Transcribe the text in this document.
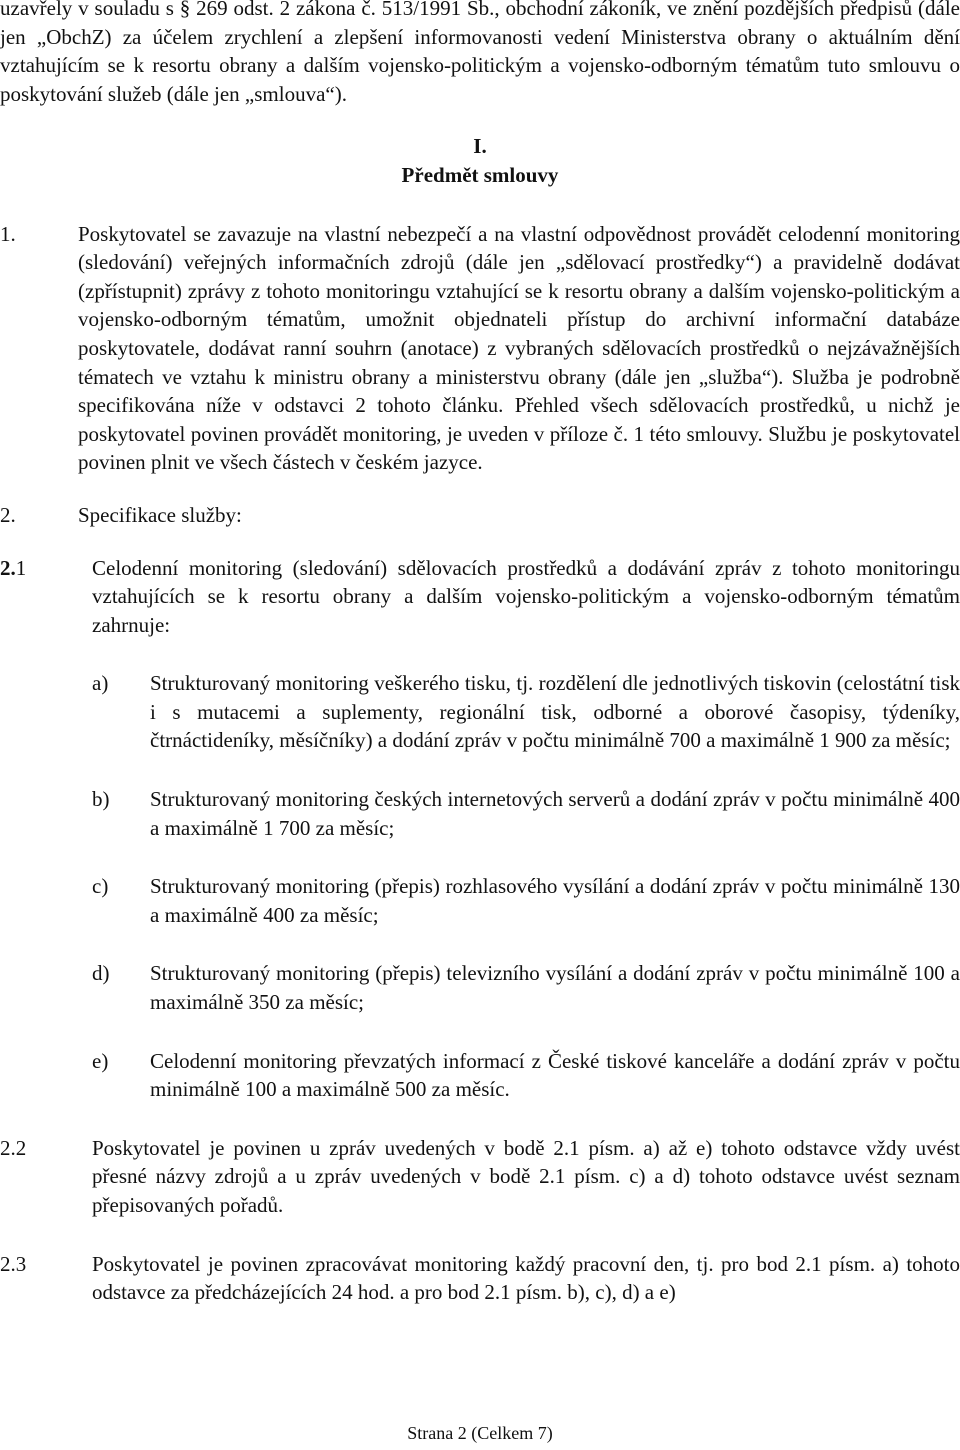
uzavřely v souladu s § 269 odst. 2 zákona č. 513/1991 Sb., obchodní zákoník, ve znění pozdějších předpisů (dále jen „ObchZ) za účelem zrychlení a zlepšení informovanosti vedení Ministerstva obrany o aktuálním dění vztahujícím se k resortu obrany a dalším vojensko-politickým a vojensko-odborným tématům tuto smlouvu o poskytování služeb (dále jen „smlouva“).

I.

Předmět smlouvy

1.	Poskytovatel se zavazuje na vlastní nebezpečí a na vlastní odpovědnost provádět celodenní monitoring (sledování) veřejných informačních zdrojů (dále jen „sdělovací prostředky“) a pravidelně dodávat (zpřístupnit) zprávy z tohoto monitoringu vztahující se k resortu obrany a dalším vojensko-politickým a vojensko-odborným tématům, umožnit objednateli přístup do archivní informační databáze poskytovatele, dodávat ranní souhrn (anotace) z vybraných sdělovacích prostředků o nejzávažnějších tématech ve vztahu k ministru obrany a ministerstvu obrany (dále jen „služba“). Služba je podrobně specifikována níže v odstavci 2 tohoto článku. Přehled všech sdělovacích prostředků, u nichž je poskytovatel povinen provádět monitoring, je uveden v příloze č. 1 této smlouvy. Službu je poskytovatel povinen plnit ve všech částech v českém jazyce.
2.	Specifikace služby:
2.1	Celodenní monitoring (sledování) sdělovacích prostředků a dodávání zpráv z tohoto monitoringu vztahujících se k resortu obrany a dalším vojensko-politickým a vojensko-odborným tématům zahrnuje:
a) Strukturovaný monitoring veškerého tisku, tj. rozdělení dle jednotlivých tiskovin (celostátní tisk i s mutacemi a suplementy, regionální tisk, odborné a oborové časopisy, týdeníky, čtrnáctideníky, měsíčníky) a dodání zpráv v počtu minimálně 700 a maximálně 1 900 za měsíc;
b) Strukturovaný monitoring českých internetových serverů a dodání zpráv v počtu minimálně 400 a maximálně 1 700 za měsíc;
c) Strukturovaný monitoring (přepis) rozhlasového vysílání a dodání zpráv v počtu minimálně 130 a maximálně 400 za měsíc;
d) Strukturovaný monitoring (přepis) televizního vysílání a dodání zpráv v počtu minimálně 100 a maximálně 350 za měsíc;
e) Celodenní monitoring převzatých informací z České tiskové kanceláře a dodání zpráv v počtu minimálně 100 a maximálně 500 za měsíc.
2.2	Poskytovatel je povinen u zpráv uvedených v bodě 2.1 písm. a) až e) tohoto odstavce vždy uvést přesné názvy zdrojů a u zpráv uvedených v bodě 2.1 písm. c) a d) tohoto odstavce uvést seznam přepisovaných pořadů.
2.3	Poskytovatel je povinen zpracovávat monitoring každý pracovní den, tj. pro bod 2.1 písm. a) tohoto odstavce za předcházejících 24 hod. a pro bod 2.1 písm. b), c), d) a e)
Strana 2 (Celkem 7)
